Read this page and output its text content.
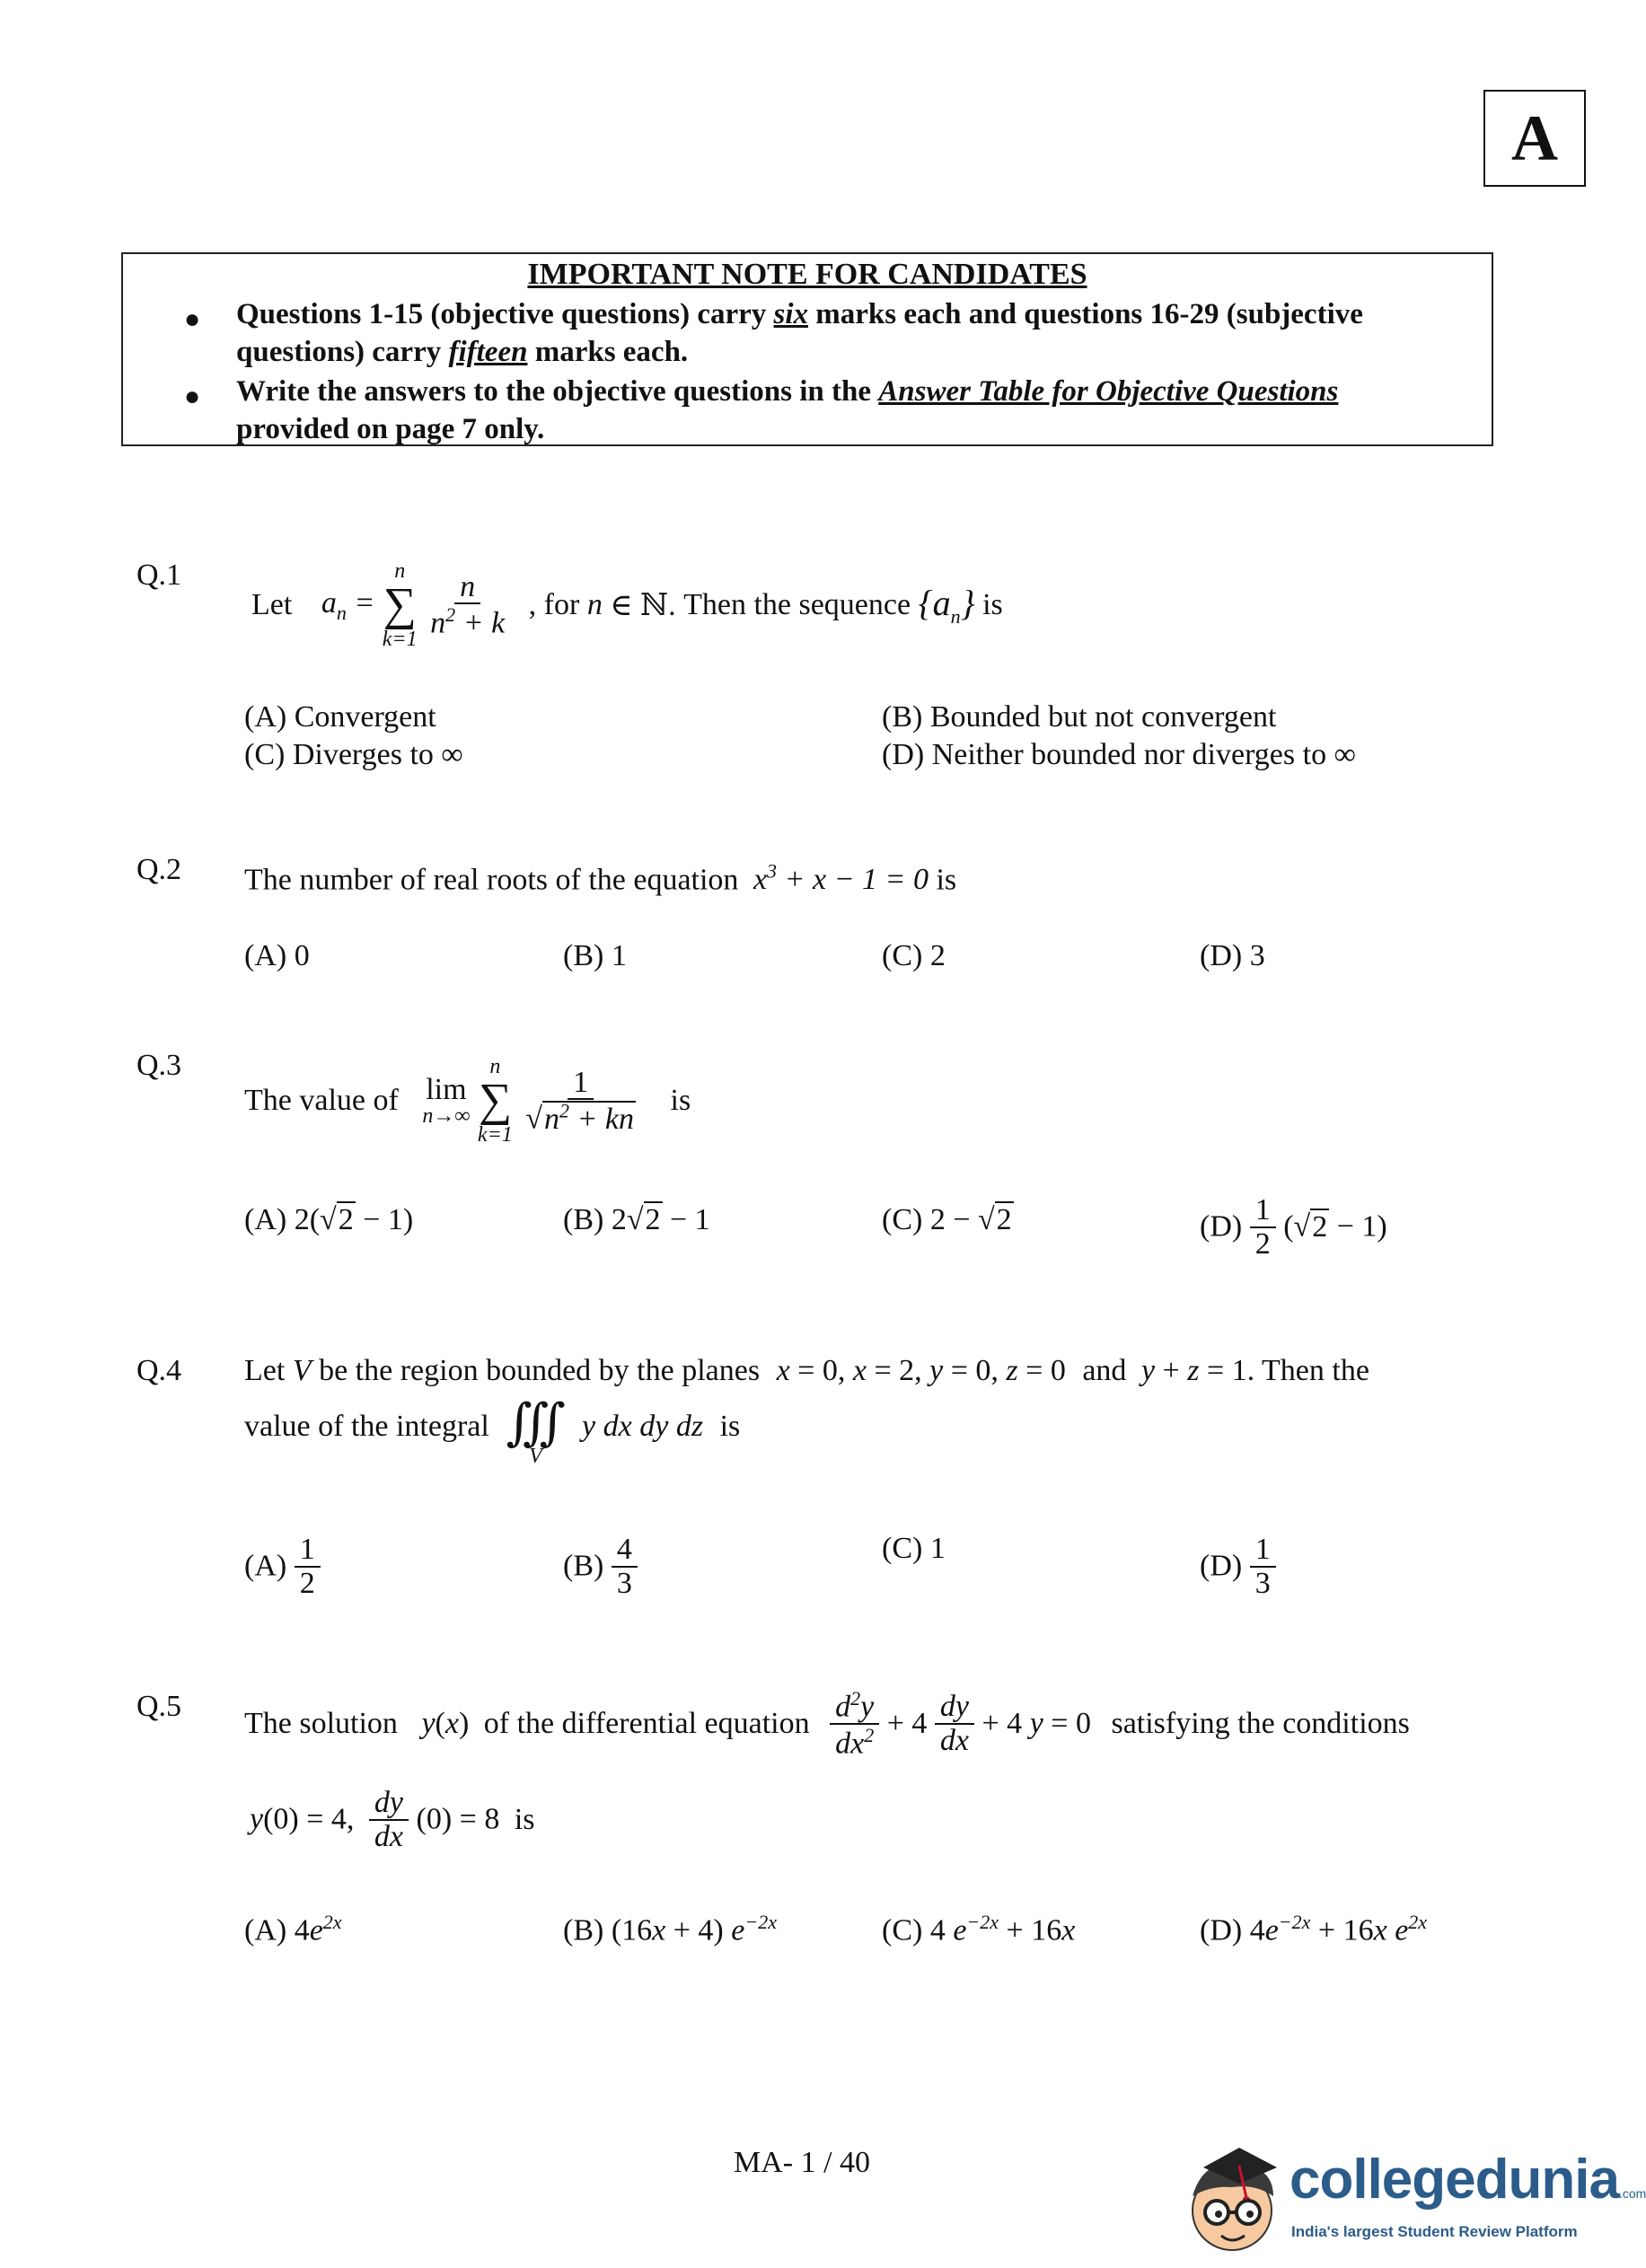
A
IMPORTANT NOTE FOR CANDIDATES
● Questions 1-15 (objective questions) carry six marks each and questions 16-29 (subjective
questions) carry fifteen marks each.
● Write the answers to the objective questions in the Answer Table for Objective Questions
provided on page 7 only.
Q.1
Let $a_n$ =
n
∑
k=1
$\frac{n}{n^2 + k}$ , for n ∈ ℕ. Then the sequence $\{a_n\}$ is
(A) Convergent	(B) Bounded but not convergent
(C) Diverges to ∞	(D) Neither bounded nor diverges to ∞
Q.2 The number of real roots of the equation $x^3 + x - 1 = 0$ is
(A) 0	(B) 1	(C) 2	(D) 3
Q.3
The value of lim
n→∞

n
∑
k=1
$\frac{1}{√n^2 + kn}$ is
(A) 2(√2 − 1)	(B) 2√2 − 1	(C) 2 − √2	$(D) \frac{1}{2} (√2 - 1)$
Q.4 Let V be the region bounded by the planes x = 0, x = 2, y = 0, z = 0 and y + z = 1. Then the
value of the integral ∭
V
y dx dy dz is
$(A) \frac{1}{2}$	$(B) \frac{4}{3}$	(C) 1
$(D) \frac{1}{3}$
Q.5
The solution y(x) of the differential equation $\frac{d^2y}{dx^2} + 4 \frac{dy}{dx} + 4$ y = 0 satisfying the conditions
y(0) = 4, $\frac{dy}{dx} (0) = 8$ is
(A) $4e^{2x}$	(B) (16x + 4) $e^{-2x}$	(C) 4 $e^{-2x} + 16x$	(D) $4e^{-2x} + 16x$ $e^{2x}$
MA- 1 / 40	collegedunia.com
India's largest Student Review Platform
